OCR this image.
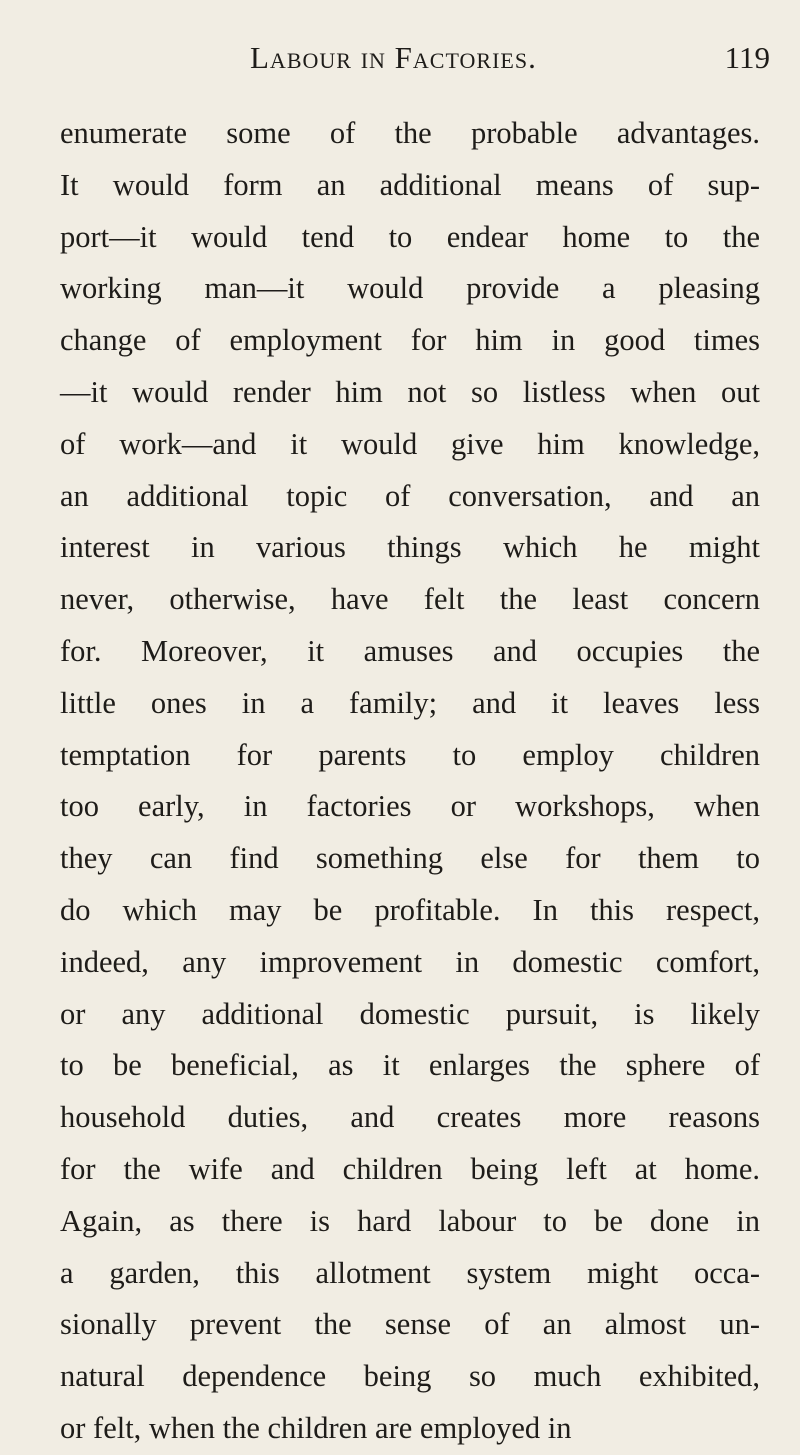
Labour in Factories.	119
enumerate some of the probable advantages.
It would form an additional means of sup-
port—it would tend to endear home to the
working man—it would provide a pleasing
change of employment for him in good times
—it would render him not so listless when out
of work—and it would give him knowledge,
an additional topic of conversation, and an
interest in various things which he might
never, otherwise, have felt the least concern
for. Moreover, it amuses and occupies the
little ones in a family; and it leaves less
temptation for parents to employ children
too early, in factories or workshops, when
they can find something else for them to
do which may be profitable. In this respect,
indeed, any improvement in domestic comfort,
or any additional domestic pursuit, is likely
to be beneficial, as it enlarges the sphere of
household duties, and creates more reasons
for the wife and children being left at home.
Again, as there is hard labour to be done in
a garden, this allotment system might occa-
sionally prevent the sense of an almost un-
natural dependence being so much exhibited,
or felt, when the children are employed in
